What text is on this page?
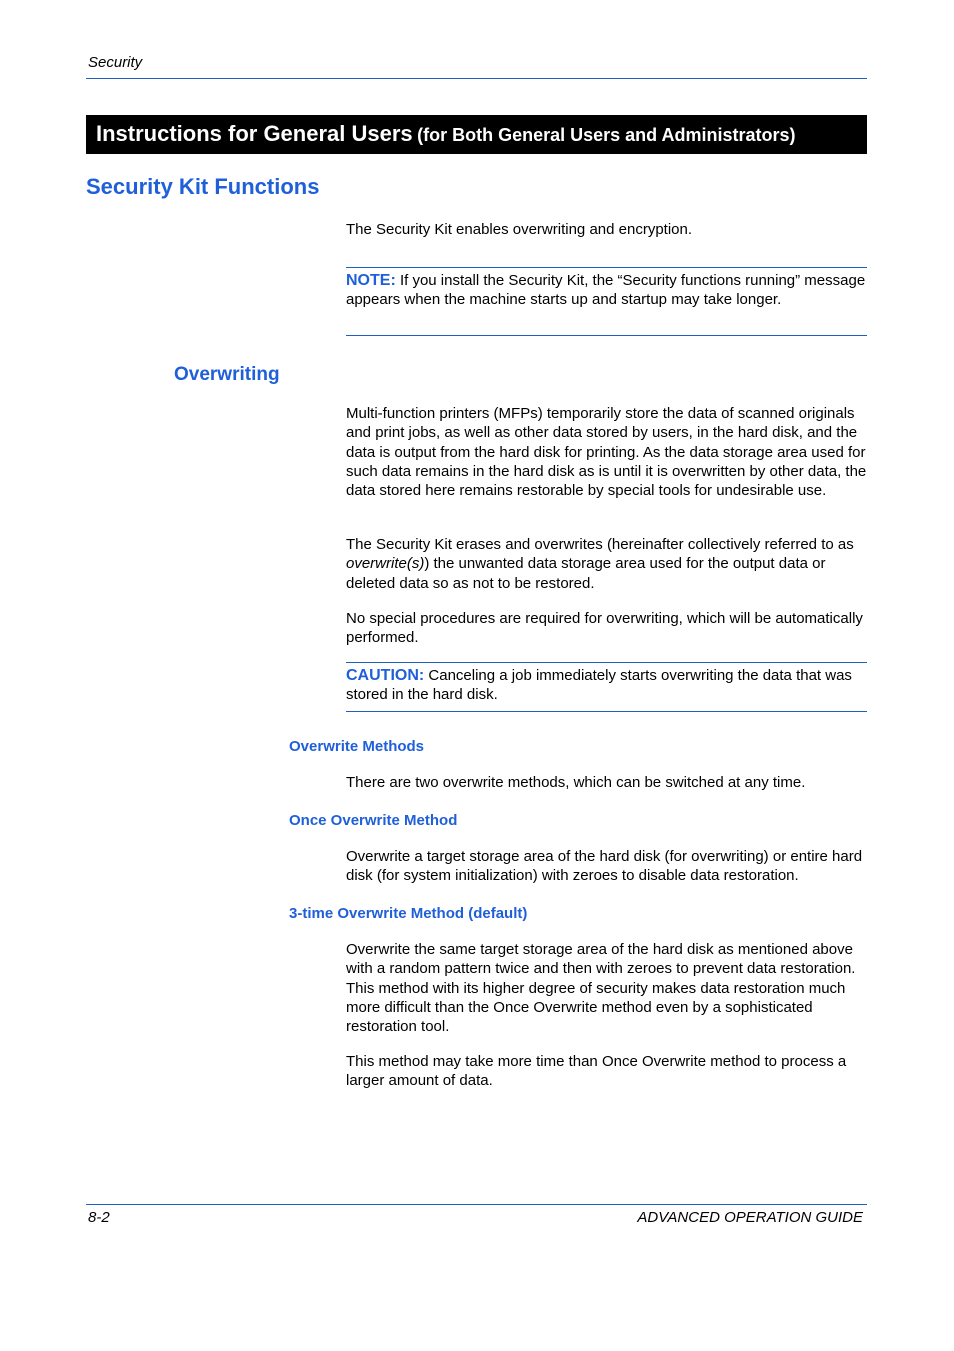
Security
Instructions for General Users (for Both General Users and Administrators)
Security Kit Functions
The Security Kit enables overwriting and encryption.
NOTE: If you install the Security Kit, the “Security functions running” message appears when the machine starts up and startup may take longer.
Overwriting
Multi-function printers (MFPs) temporarily store the data of scanned originals and print jobs, as well as other data stored by users, in the hard disk, and the data is output from the hard disk for printing. As the data storage area used for such data remains in the hard disk as is until it is overwritten by other data, the data stored here remains restorable by special tools for undesirable use.
The Security Kit erases and overwrites (hereinafter collectively referred to as overwrite(s)) the unwanted data storage area used for the output data or deleted data so as not to be restored.
No special procedures are required for overwriting, which will be automatically performed.
CAUTION: Canceling a job immediately starts overwriting the data that was stored in the hard disk.
Overwrite Methods
There are two overwrite methods, which can be switched at any time.
Once Overwrite Method
Overwrite a target storage area of the hard disk (for overwriting) or entire hard disk (for system initialization) with zeroes to disable data restoration.
3-time Overwrite Method (default)
Overwrite the same target storage area of the hard disk as mentioned above with a random pattern twice and then with zeroes to prevent data restoration. This method with its higher degree of security makes data restoration much more difficult than the Once Overwrite method even by a sophisticated restoration tool.
This method may take more time than Once Overwrite method to process a larger amount of data.
8-2	ADVANCED OPERATION GUIDE
